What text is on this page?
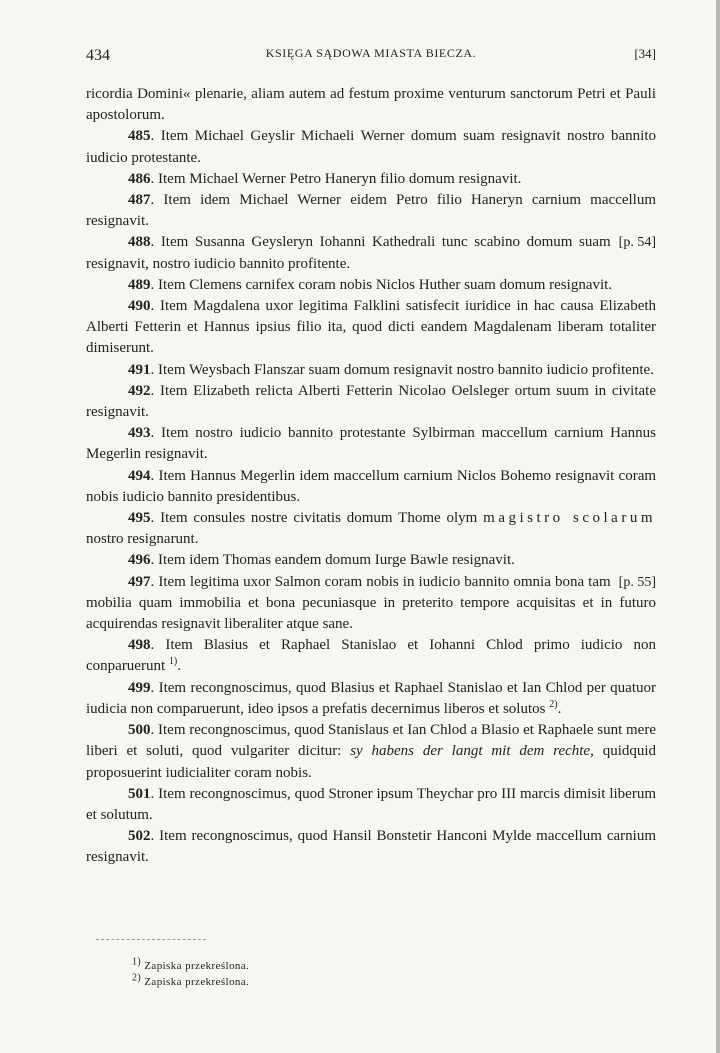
434	KSIĘGA SĄDOWA MIASTA BIECZA.	[34]

ricordia Domini« plenarie, aliam autem ad festum proxime venturum sanctorum Petri et Pauli apostolorum.

485. Item Michael Geyslir Michaeli Werner domum suam resignavit nostro bannito iudicio protestante.

486. Item Michael Werner Petro Haneryn filio domum resignavit.

487. Item idem Michael Werner eidem Petro filio Haneryn carnium maccellum resignavit.

[p. 54]
488. Item Susanna Geysleryn Iohanni Kathedrali tunc scabino domum suam resignavit, nostro iudicio bannito profitente.

489. Item Clemens carnifex coram nobis Niclos Huther suam domum resignavit.

490. Item Magdalena uxor legitima Falklini satisfecit iuridice in hac causa Elizabeth Alberti Fetterin et Hannus ipsius filio ita, quod dicti eandem Magdalenam liberam totaliter dimiserunt.

491. Item Weysbach Flanszar suam domum resignavit nostro bannito iudicio profitente.

492. Item Elizabeth relicta Alberti Fetterin Nicolao Oelsleger ortum suum in civitate resignavit.

493. Item nostro iudicio bannito protestante Sylbirman maccellum carnium Hannus Megerlin resignavit.

494. Item Hannus Megerlin idem maccellum carnium Niclos Bohemo resignavit coram nobis iudicio bannito presidentibus.

495. Item consules nostre civitatis domum Thome olym magistro scolarum nostro resignarunt.

496. Item idem Thomas eandem domum Iurge Bawle resignavit.

[p. 55]
497. Item legitima uxor Salmon coram nobis in iudicio bannito omnia bona tam mobilia quam immobilia et bona pecuniasque in preterito tempore acquisitas et in futuro acquirendas resignavit liberaliter atque sane.

498. Item Blasius et Raphael Stanislao et Iohanni Chlod primo iudicio non conparuerunt $^{1)}$.

499. Item recongnoscimus, quod Blasius et Raphael Stanislao et Ian Chlod per quatuor iudicia non comparuerunt, ideo ipsos a prefatis decernimus liberos et solutos $^{2)}$.

500. Item recongnoscimus, quod Stanislaus et Ian Chlod a Blasio et Raphaele sunt mere liberi et soluti, quod vulgariter dicitur: sy habens der langt mit dem rechte, quidquid proposuerint iudicialiter coram nobis.

501. Item recongnoscimus, quod Stroner ipsum Theychar pro III marcis dimisit liberum et solutum.

502. Item recongnoscimus, quod Hansil Bonstetir Hanconi Mylde maccellum carnium resignavit.

$^{1)}$ Zapiska przekreślona.
$^{2)}$ Zapiska przekreślona.
